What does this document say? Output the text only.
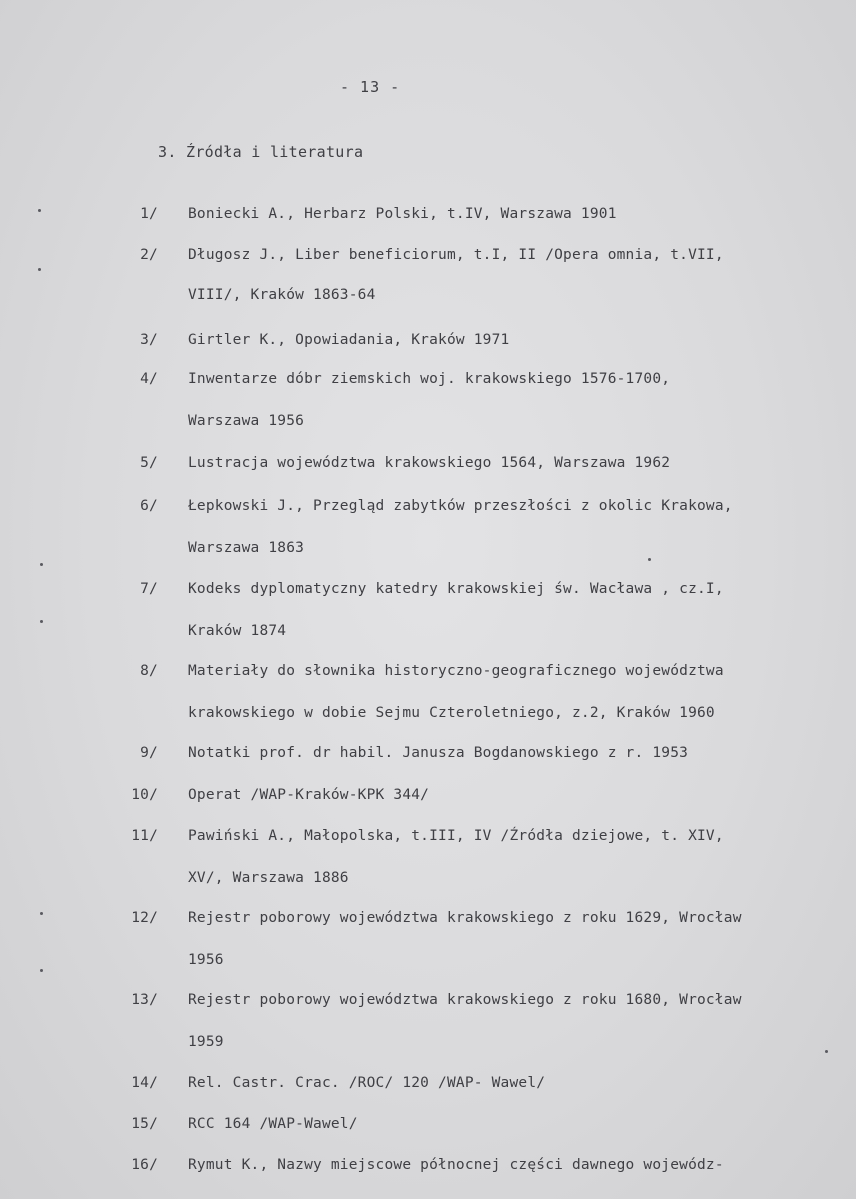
- 13 -
3. Źródła i literatura
1/ Boniecki A., Herbarz Polski, t.IV, Warszawa 1901
2/ Długosz J., Liber beneficiorum, t.I, II /Opera omnia, t.VII,
VIII/, Kraków 1863-64
3/ Girtler K., Opowiadania, Kraków 1971
4/ Inwentarze dóbr ziemskich woj. krakowskiego 1576-1700,
Warszawa 1956
5/ Lustracja województwa krakowskiego 1564, Warszawa 1962
6/ Łepkowski J., Przegląd zabytków przeszłości z okolic Krakowa,
Warszawa 1863
7/ Kodeks dyplomatyczny katedry krakowskiej św. Wacława , cz.I,
Kraków 1874
8/ Materiały do słownika historyczno-geograficznego województwa
krakowskiego w dobie Sejmu Czteroletniego, z.2, Kraków 1960
9/ Notatki prof. dr habil. Janusza Bogdanowskiego z r. 1953
10/ Operat /WAP-Kraków-KPK 344/
11/ Pawiński A., Małopolska, t.III, IV /Źródła dziejowe, t. XIV,
XV/, Warszawa 1886
12/ Rejestr poborowy województwa krakowskiego z roku 1629, Wrocław
1956
13/ Rejestr poborowy województwa krakowskiego z roku 1680, Wrocław
1959
14/ Rel. Castr. Crac. /ROC/ 120 /WAP- Wawel/
15/ RCC 164 /WAP-Wawel/
16/ Rymut K., Nazwy miejscowe północnej części dawnego wojewódz-
